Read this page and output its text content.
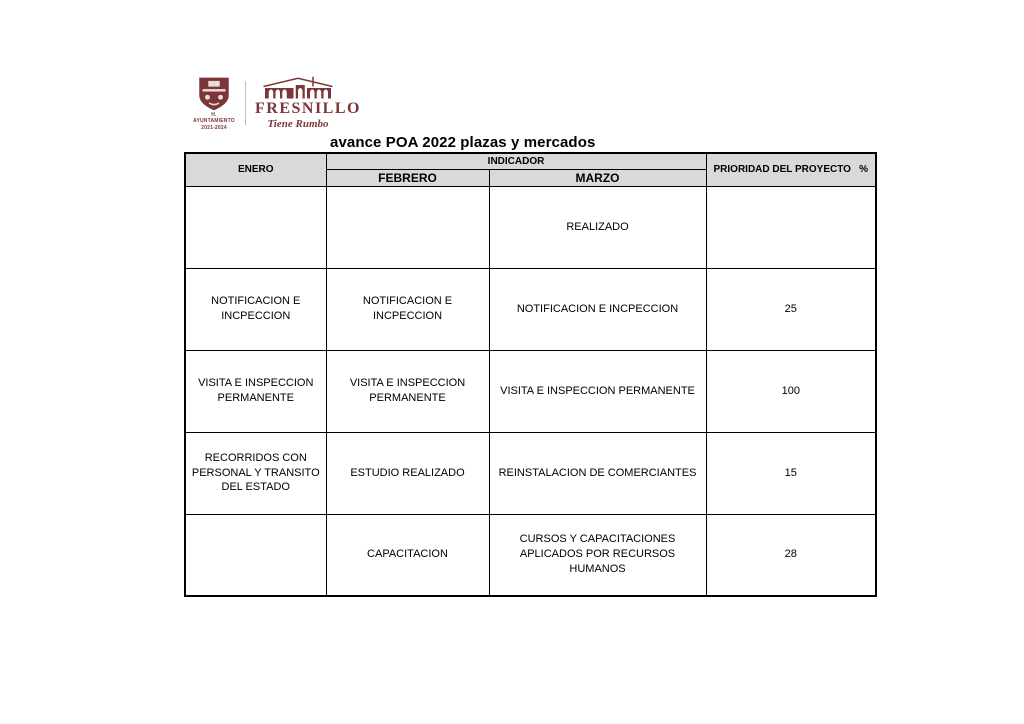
H. AYUNTAMIENTO
2021-2024
FRESNILLO
Tiene Rumbo
avance POA 2022 plazas y mercados
ENERO	INDICADOR		PRIORIDAD DEL PROYECTO %

	FEBRERO	MARZO	
		REALIZADO	
NOTIFICACION E INCPECCION	NOTIFICACION E INCPECCION	NOTIFICACION E INCPECCION	25
VISITA E INSPECCION PERMANENTE	VISITA E INSPECCION PERMANENTE	VISITA E INSPECCION PERMANENTE	100
RECORRIDOS CON PERSONAL Y TRANSITO DEL ESTADO	ESTUDIO REALIZADO	REINSTALACION DE COMERCIANTES	15
	CAPACITACION	CURSOS Y CAPACITACIONES APLICADOS POR RECURSOS HUMANOS	28
